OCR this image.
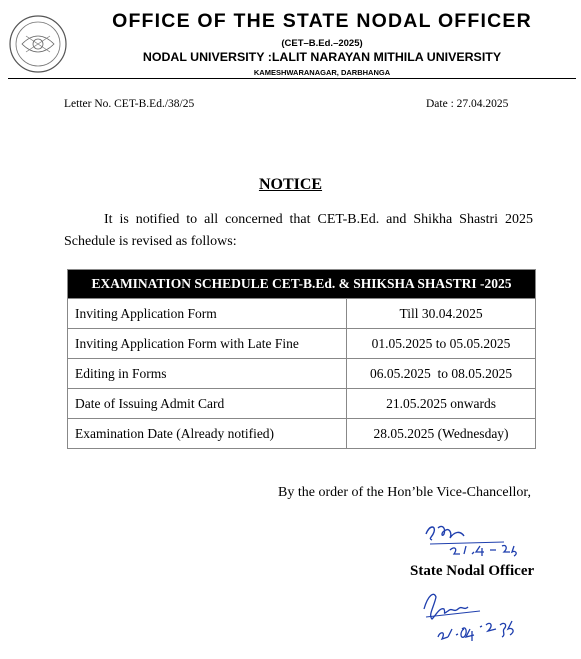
OFFICE OF THE STATE NODAL OFFICER
(CET–B.Ed.–2025)
NODAL UNIVERSITY :LALIT NARAYAN MITHILA UNIVERSITY
KAMESHWARANAGAR, DARBHANGA
Letter No. CET-B.Ed./38/25	Date : 27.04.2025
NOTICE
It is notified to all concerned that CET-B.Ed. and Shikha Shastri 2025 Schedule is revised as follows:
EXAMINATION SCHEDULE CET-B.Ed. & SHIKSHA SHASTRI -2025	
Inviting Application Form	Till 30.04.2025
Inviting Application Form with Late Fine	01.05.2025 to 05.05.2025
Editing in Forms	06.05.2025  to 08.05.2025
Date of Issuing Admit Card	21.05.2025 onwards
Examination Date (Already notified)	28.05.2025 (Wednesday)
By the order of the Hon’ble Vice-Chancellor,
State Nodal Officer
